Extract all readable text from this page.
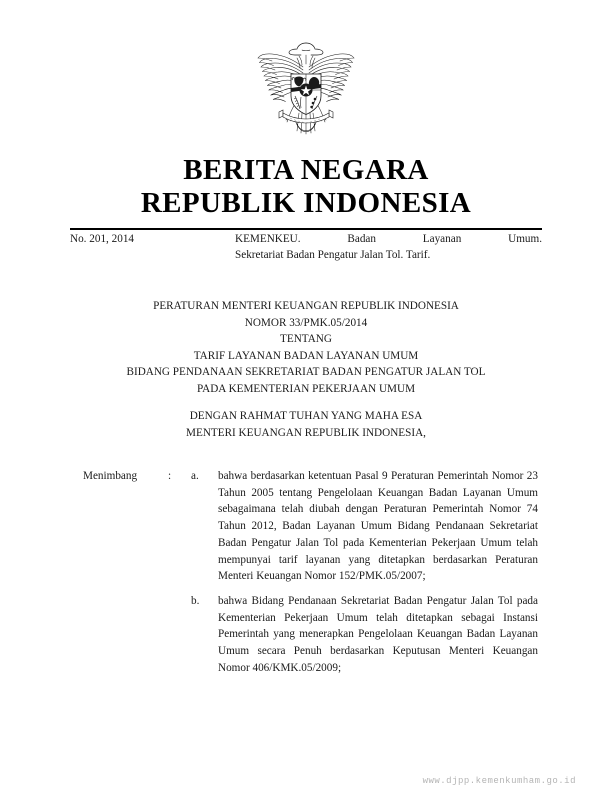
BERITA NEGARA
REPUBLIK INDONESIA
No. 201, 2014	KEMENKEU. Badan Layanan Umum.

Sekretariat Badan Pengatur Jalan Tol. Tarif.

PERATURAN MENTERI KEUANGAN REPUBLIK INDONESIA
NOMOR 33/PMK.05/2014
TENTANG
TARIF LAYANAN BADAN LAYANAN UMUM
BIDANG PENDANAAN SEKRETARIAT BADAN PENGATUR JALAN TOL
PADA KEMENTERIAN PEKERJAAN UMUM
DENGAN RAHMAT TUHAN YANG MAHA ESA
MENTERI KEUANGAN REPUBLIK INDONESIA,
Menimbang	:	a.	bahwa berdasarkan ketentuan Pasal 9 Peraturan Pemerintah Nomor 23 Tahun 2005 tentang Pengelolaan Keuangan Badan Layanan Umum sebagaimana telah diubah dengan Peraturan Pemerintah Nomor 74 Tahun 2012, Badan Layanan Umum Bidang Pendanaan Sekretariat Badan Pengatur Jalan Tol pada Kementerian Pekerjaan Umum telah mempunyai tarif layanan yang ditetapkan berdasarkan Peraturan Menteri Keuangan Nomor 152/PMK.05/2007;
b.	bahwa Bidang Pendanaan Sekretariat Badan Pengatur Jalan Tol pada Kementerian Pekerjaan Umum telah ditetapkan sebagai Instansi Pemerintah yang menerapkan Pengelolaan Keuangan Badan Layanan Umum secara Penuh berdasarkan Keputusan Menteri Keuangan Nomor 406/KMK.05/2009;
www.djpp.kemenkumham.go.id
